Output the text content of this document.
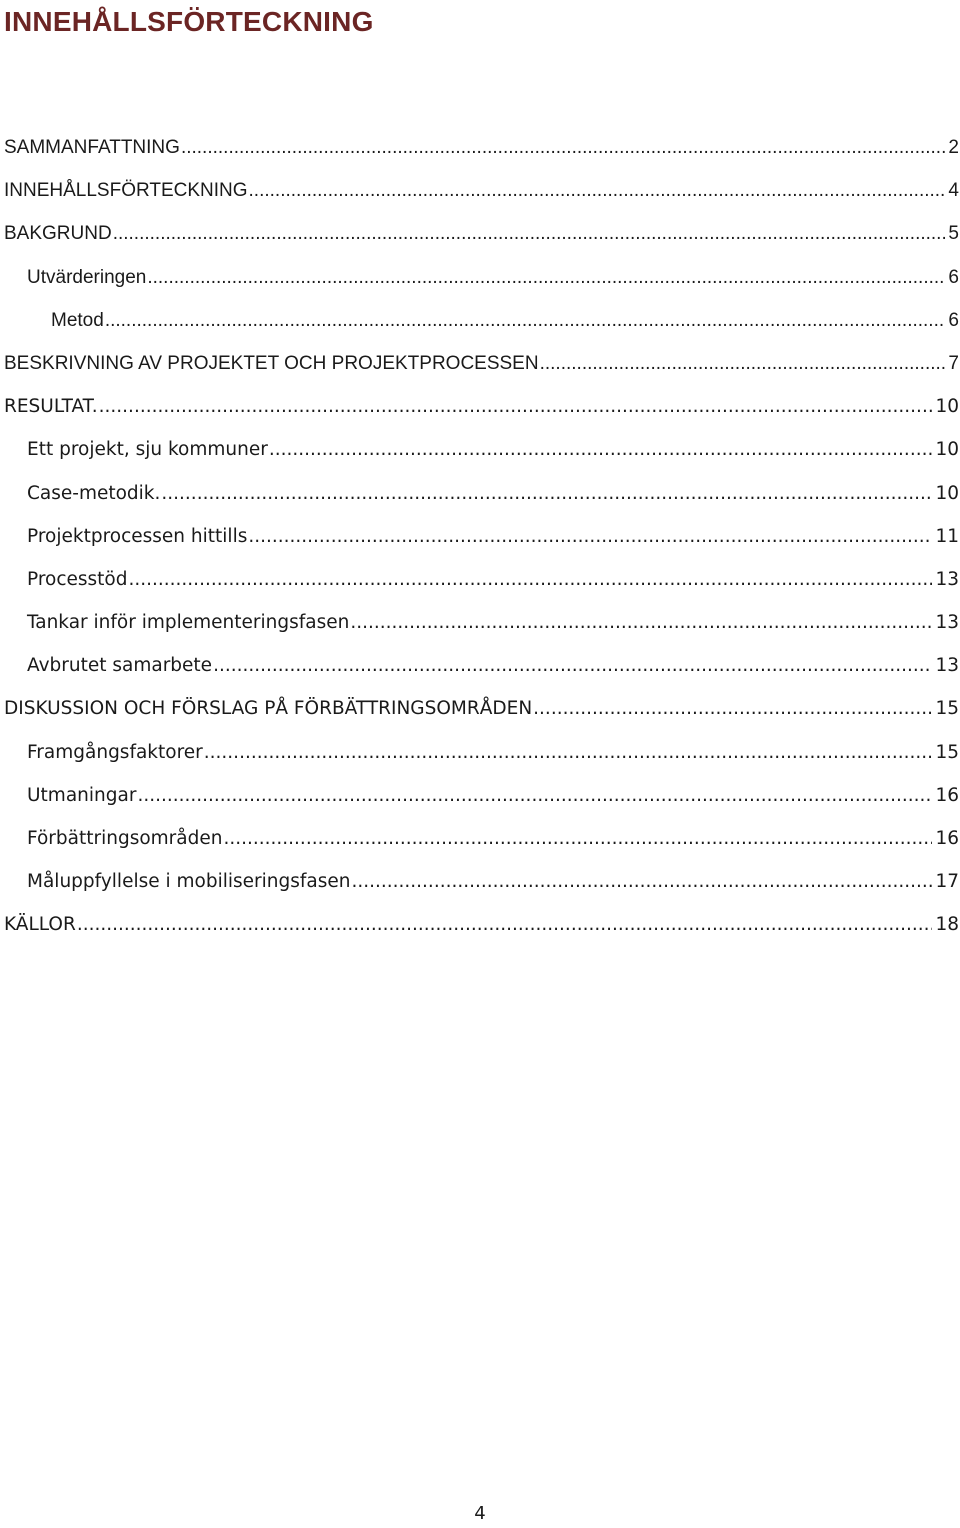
INNEHÅLLSFÖRTECKNING
SAMMANFATTNING .....	2
INNEHÅLLSFÖRTECKNING .....	4
BAKGRUND .....	5
Utvärderingen .....	6
Metod .....	6
BESKRIVNING AV PROJEKTET OCH PROJEKTPROCESSEN .....	7
RESULTAT. .....	10
Ett projekt, sju kommuner .....	10
Case-metodik. .....	10
Projektprocessen hittills .....	11
Processtöd .....	13
Tankar inför implementeringsfasen .....	13
Avbrutet samarbete .....	13
DISKUSSION OCH FÖRSLAG PÅ FÖRBÄTTRINGSOMRÅDEN .....	15
Framgångsfaktorer .....	15
Utmaningar .....	16
Förbättringsområden .....	16
Måluppfyllelse i mobiliseringsfasen .....	17
KÄLLOR .....	18
4
